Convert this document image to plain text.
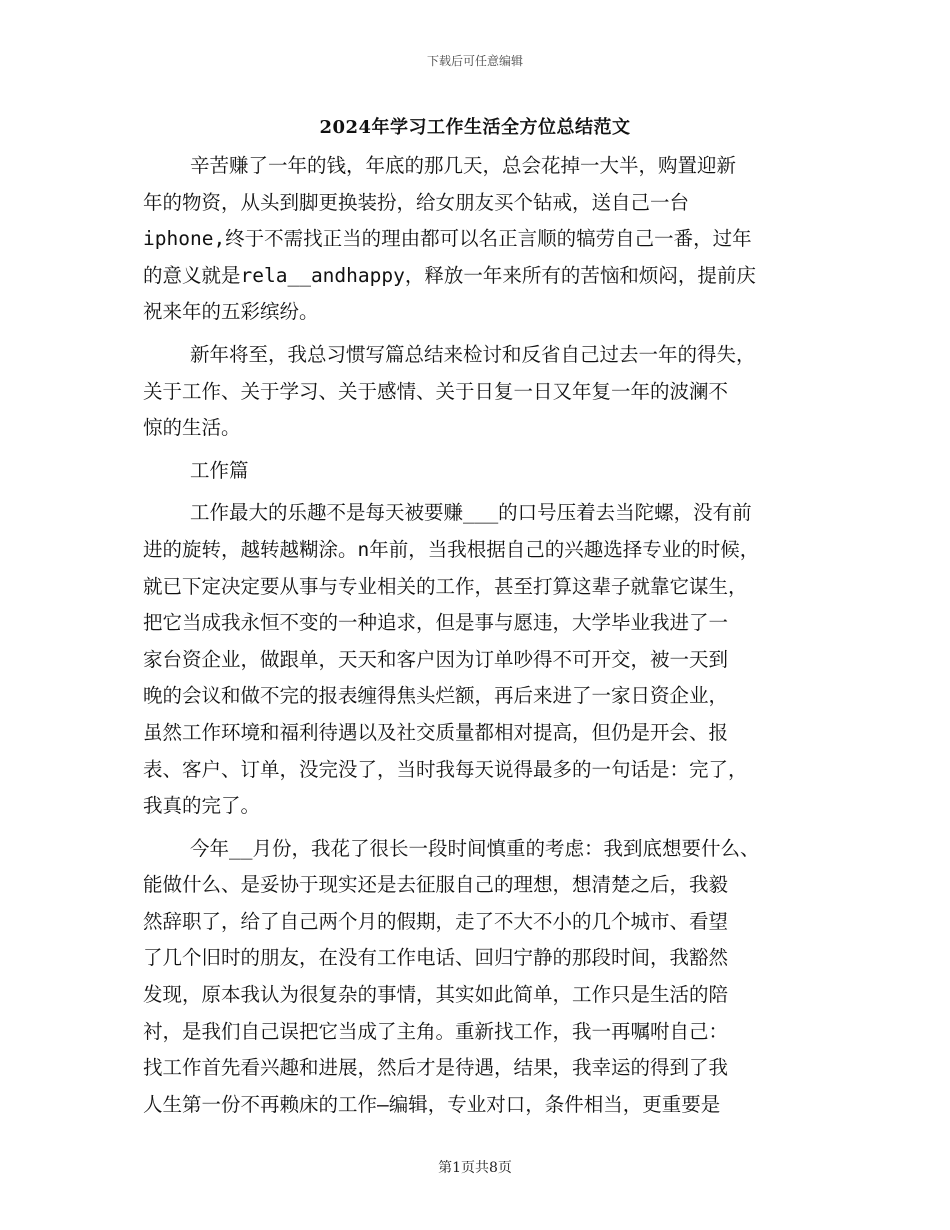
下载后可任意编辑
2024年学习工作生活全方位总结范文
辛苦赚了一年的钱，年底的那几天，总会花掉一大半，购置迎新
年的物资，从头到脚更换装扮，给女朋友买个钻戒，送自己一台
iphone,终于不需找正当的理由都可以名正言顺的犒劳自己一番，过年
的意义就是rela__andhappy，释放一年来所有的苦恼和烦闷，提前庆
祝来年的五彩缤纷。
新年将至，我总习惯写篇总结来检讨和反省自己过去一年的得失，
关于工作、关于学习、关于感情、关于日复一日又年复一年的波澜不
惊的生活。
工作篇
工作最大的乐趣不是每天被要赚___的口号压着去当陀螺，没有前
进的旋转，越转越糊涂。n年前，当我根据自己的兴趣选择专业的时候，
就已下定决定要从事与专业相关的工作，甚至打算这辈子就靠它谋生，
把它当成我永恒不变的一种追求，但是事与愿违，大学毕业我进了一
家台资企业，做跟单，天天和客户因为订单吵得不可开交，被一天到
晚的会议和做不完的报表缠得焦头烂额，再后来进了一家日资企业，
虽然工作环境和福利待遇以及社交质量都相对提高，但仍是开会、报
表、客户、订单，没完没了，当时我每天说得最多的一句话是：完了，
我真的完了。
今年__月份，我花了很长一段时间慎重的考虑：我到底想要什么、
能做什么、是妥协于现实还是去征服自己的理想，想清楚之后，我毅
然辞职了，给了自己两个月的假期，走了不大不小的几个城市、看望
了几个旧时的朋友，在没有工作电话、回归宁静的那段时间，我豁然
发现，原本我认为很复杂的事情，其实如此简单，工作只是生活的陪
衬，是我们自己误把它当成了主角。重新找工作，我一再嘱咐自己：
找工作首先看兴趣和进展，然后才是待遇，结果，我幸运的得到了我
人生第一份不再赖床的工作—编辑，专业对口，条件相当，更重要是
第1页共8页
